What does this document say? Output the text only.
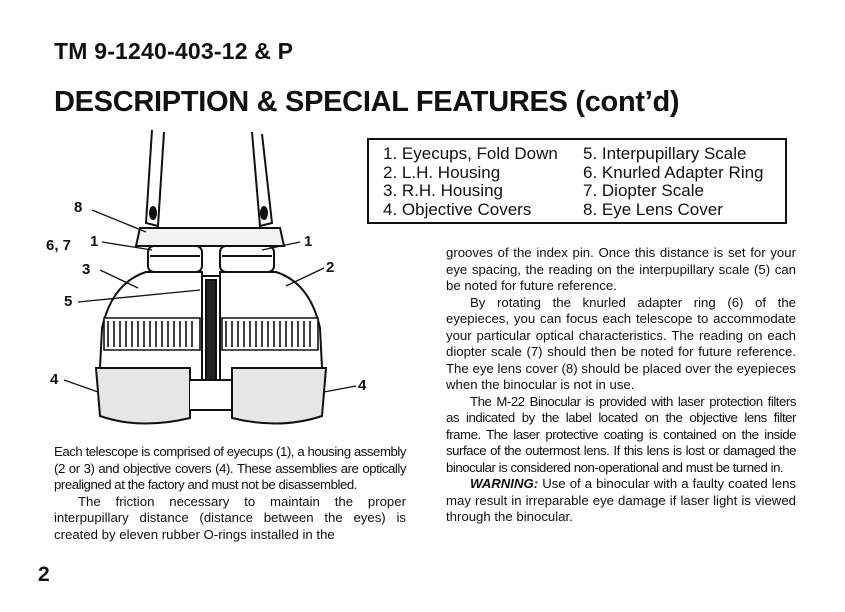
TM 9-1240-403-12 & P
DESCRIPTION & SPECIAL FEATURES (cont’d)
1. Eyecups, Fold Down
2. L.H. Housing
3. R.H. Housing
4. Objective Covers
5. Interpupillary Scale
6. Knurled Adapter Ring
7. Diopter Scale
8. Eye Lens Cover
8
6, 7 1	1
3	2
5
4	4

Each telescope is comprised of eyecups (1), a housing assembly (2 or 3) and objective covers (4). These assemblies are optically prealigned at the factory and must not be disassembled.

The friction necessary to maintain the proper interpupillary distance (distance between the eyes) is created by eleven rubber O-rings installed in the

grooves of the index pin. Once this distance is set for your eye spacing, the reading on the interpupillary scale (5) can be noted for future reference.

By rotating the knurled adapter ring (6) of the eyepieces, you can focus each telescope to accommodate your particular optical characteristics. The reading on each diopter scale (7) should then be noted for future reference. The eye lens cover (8) should be placed over the eyepieces when the binocular is not in use.

The M-22 Binocular is provided with laser protection filters as indicated by the label located on the objective lens filter frame. The laser protective coating is contained on the inside surface of the outermost lens. If this lens is lost or damaged the binocular is considered non-operational and must be turned in.

WARNING: Use of a binocular with a faulty coated lens may result in irreparable eye damage if laser light is viewed through the binocular.

2
